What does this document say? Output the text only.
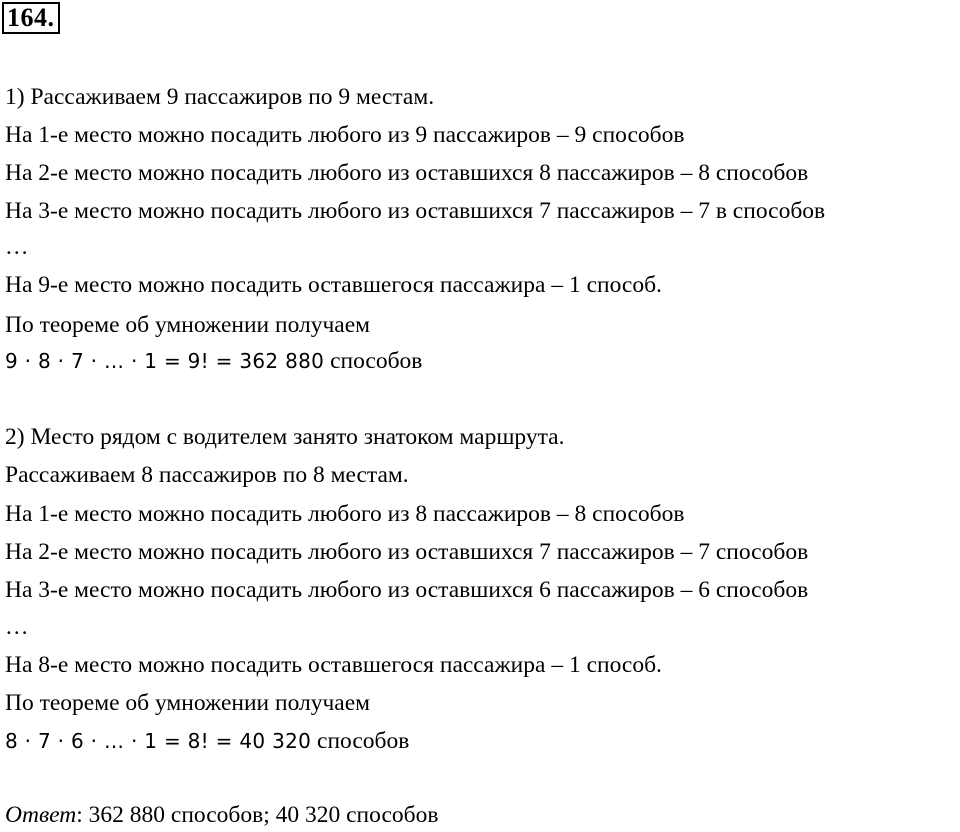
164.
1) Рассаживаем 9 пассажиров по 9 местам.
На 1-е место можно посадить любого из 9 пассажиров – 9 способов
На 2-е место можно посадить любого из оставшихся 8 пассажиров – 8 способов
На 3-е место можно посадить любого из оставшихся 7 пассажиров – 7 в способов
…
На 9-е место можно посадить оставшегося пассажира – 1 способ.
По теореме об умножении получаем
9 · 8 · 7 · … · 1 = 9! = 362 880 способов
2) Место рядом с водителем занято знатоком маршрута.
Рассаживаем 8 пассажиров по 8 местам.
На 1-е место можно посадить любого из 8 пассажиров – 8 способов
На 2-е место можно посадить любого из оставшихся 7 пассажиров – 7 способов
На 3-е место можно посадить любого из оставшихся 6 пассажиров – 6 способов
…
На 8-е место можно посадить оставшегося пассажира – 1 способ.
По теореме об умножении получаем
8 · 7 · 6 · … · 1 = 8! = 40 320 способов
Ответ: 362 880 способов; 40 320 способов
